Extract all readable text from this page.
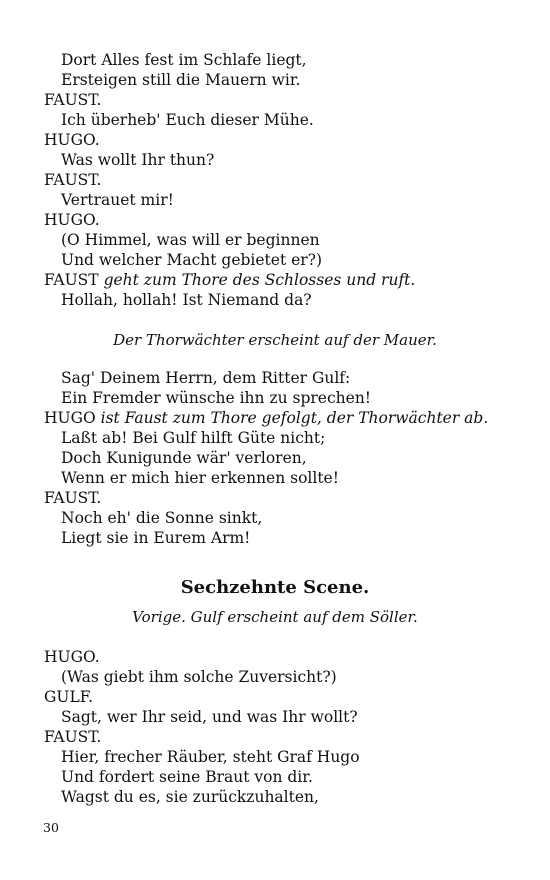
Dort Alles fest im Schlafe liegt,
Ersteigen still die Mauern wir.
FAUST.
Ich überheb' Euch dieser Mühe.
HUGO.
Was wollt Ihr thun?
FAUST.
Vertrauet mir!
HUGO.
(O Himmel, was will er beginnen
Und welcher Macht gebietet er?)
FAUST geht zum Thore des Schlosses und ruft.
Hollah, hollah! Ist Niemand da?
Der Thorwächter erscheint auf der Mauer.
Sag' Deinem Herrn, dem Ritter Gulf:
Ein Fremder wünsche ihn zu sprechen!
HUGO ist Faust zum Thore gefolgt, der Thorwächter ab.
Laßt ab! Bei Gulf hilft Güte nicht;
Doch Kunigunde wär' verloren,
Wenn er mich hier erkennen sollte!
FAUST.
Noch eh' die Sonne sinkt,
Liegt sie in Eurem Arm!
Sechzehnte Scene.
Vorige. Gulf erscheint auf dem Söller.
HUGO.
(Was giebt ihm solche Zuversicht?)
GULF.
Sagt, wer Ihr seid, und was Ihr wollt?
FAUST.
Hier, frecher Räuber, steht Graf Hugo
Und fordert seine Braut von dir.
Wagst du es, sie zurückzuhalten,
30
